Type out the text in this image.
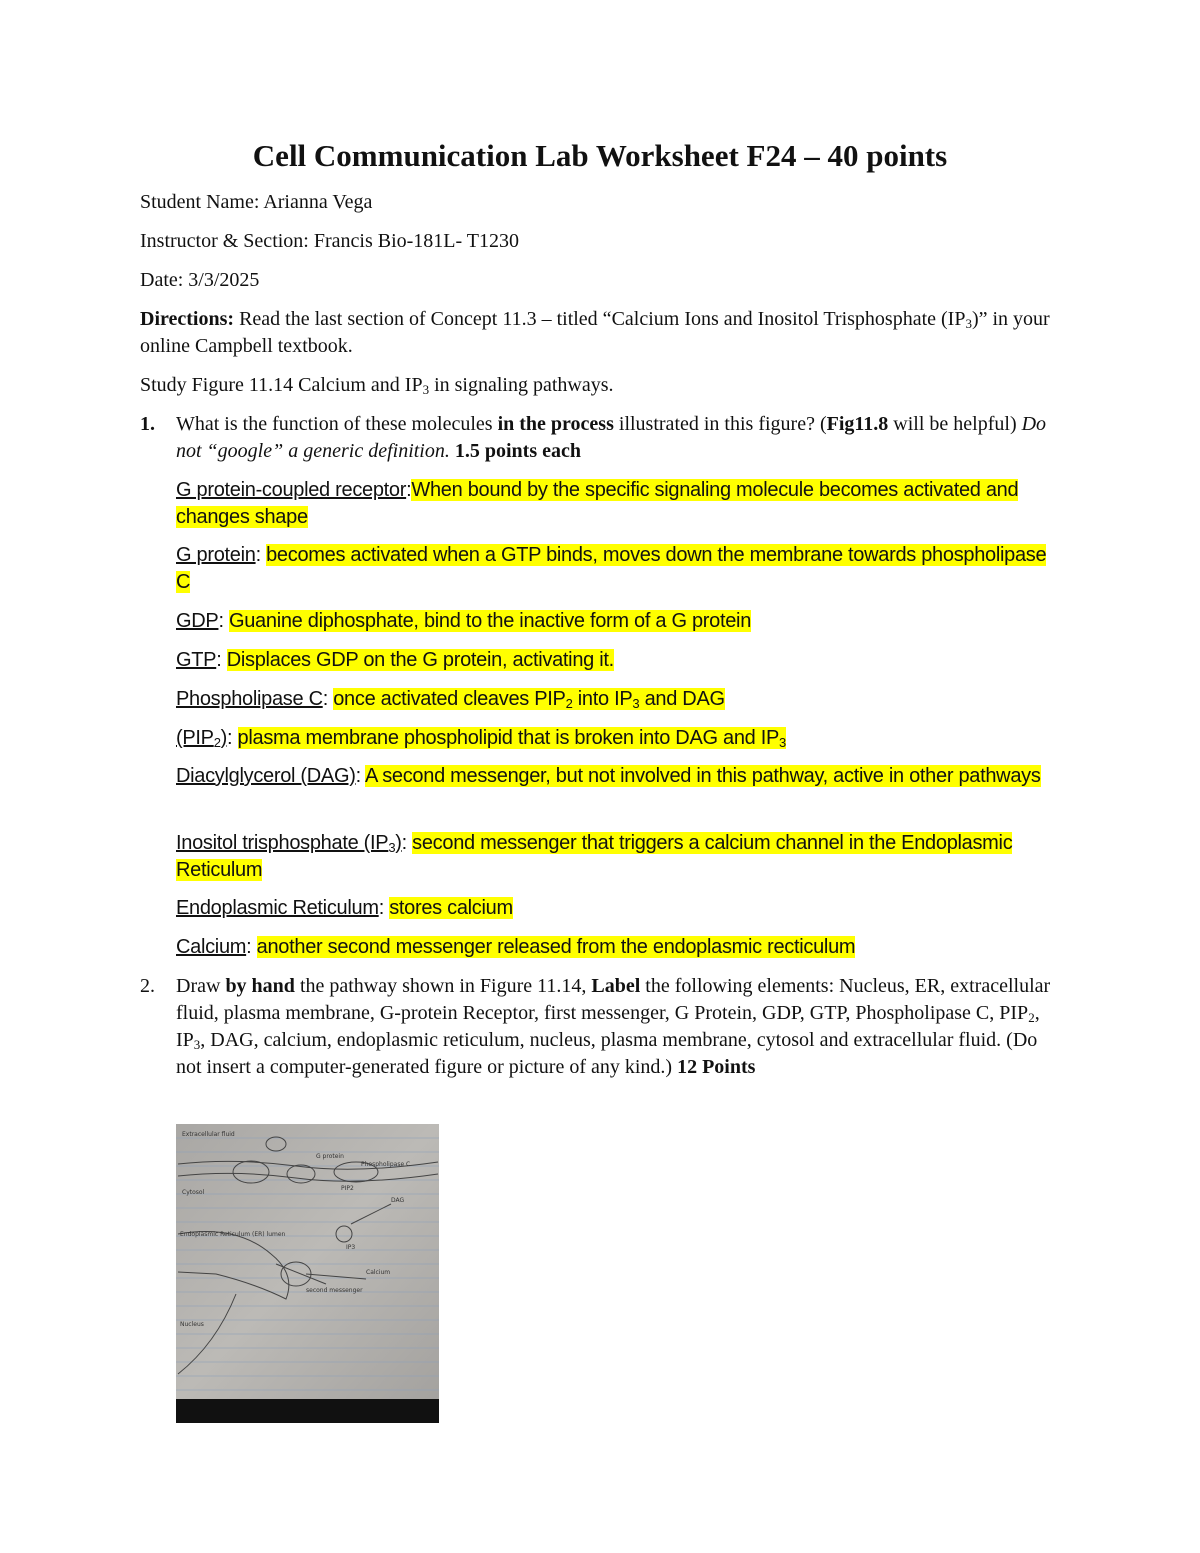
Cell Communication Lab Worksheet F24 – 40 points
Student Name: Arianna Vega
Instructor & Section: Francis Bio-181L- T1230
Date: 3/3/2025
Directions: Read the last section of Concept 11.3 – titled “Calcium Ions and Inositol Trisphosphate $(IP_3)$” in your online Campbell textbook.
Study Figure 11.14 Calcium and $IP_3$ in signaling pathways.
1. What is the function of these molecules in the process illustrated in this figure? (Fig11.8 will be helpful) Do not “google” a generic definition. 1.5 points each
G protein-coupled receptor:When bound by the specific signaling molecule becomes activated and changes shape
G protein: becomes activated when a GTP binds, moves down the membrane towards phospholipase C
GDP: Guanine diphosphate, bind to the inactive form of a G protein
GTP: Displaces GDP on the G protein, activating it.
Phospholipase C: once activated cleaves $PIP_2$ into $IP_3$ and DAG
$(PIP_2)$: plasma membrane phospholipid that is broken into DAG and $IP_3$
Diacylglycerol (DAG): A second messenger, but not involved in this pathway, active in other pathways
Inositol trisphosphate $(IP_3)$: second messenger that triggers a calcium channel in the Endoplasmic Reticulum
Endoplasmic Reticulum: stores calcium
Calcium: another second messenger released from the endoplasmic recticulum
2. Draw by hand the pathway shown in Figure 11.14, Label the following elements: Nucleus, ER, extracellular fluid, plasma membrane, G-protein Receptor, first messenger, G Protein, GDP, GTP, Phospholipase C, $PIP_2$, $IP_3$, DAG, calcium, endoplasmic reticulum, nucleus, plasma membrane, cytosol and extracellular fluid. (Do not insert a computer-generated figure or picture of any kind.) 12 Points
Extracellular fluid
G protein
PIP2
Cytosol
Endoplasmic Reticulum (ER) lumen
Nucleus
Phospholipase C
DAG
IP3
Calcium
second messenger
